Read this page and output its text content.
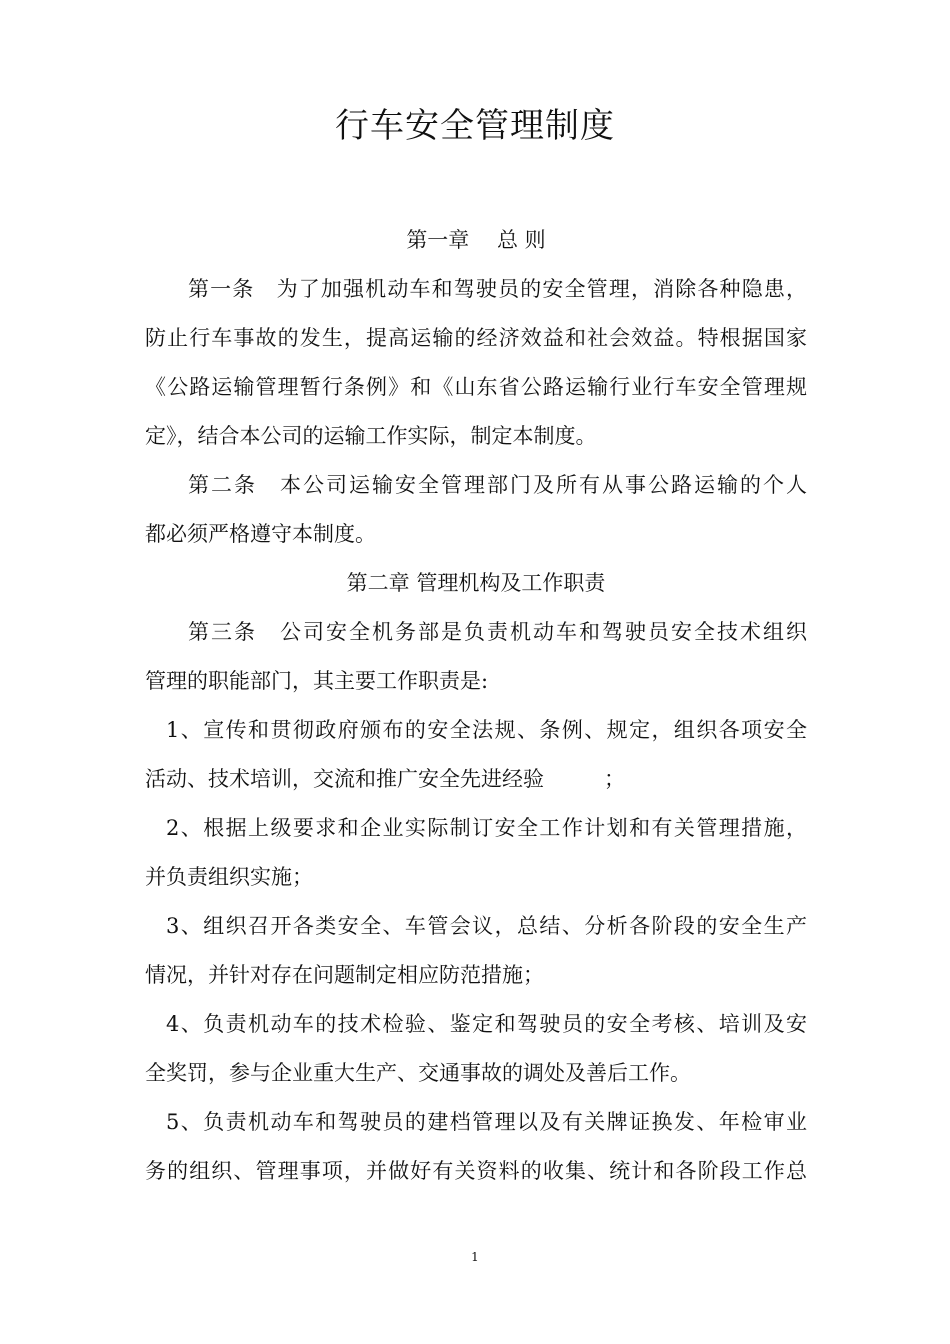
行车安全管理制度
第一章　 总 则
第一条　为了加强机动车和驾驶员的安全管理，消除各种隐患，
防止行车事故的发生，提高运输的经济效益和社会效益。特根据国家
《公路运输管理暂行条例》和《山东省公路运输行业行车安全管理规
定》，结合本公司的运输工作实际，制定本制度。
第二条　本公司运输安全管理部门及所有从事公路运输的个人
都必须严格遵守本制度。
第二章 管理机构及工作职责
第三条　公司安全机务部是负责机动车和驾驶员安全技术组织
管理的职能部门，其主要工作职责是:
1、宣传和贯彻政府颁布的安全法规、条例、规定，组织各项安全
活动、技术培训，交流和推广安全先进经验	；
2、根据上级要求和企业实际制订安全工作计划和有关管理措施，
并负责组织实施；
3、组织召开各类安全、车管会议，总结、分析各阶段的安全生产
情况，并针对存在问题制定相应防范措施；
4、负责机动车的技术检验、鉴定和驾驶员的安全考核、培训及安
全奖罚，参与企业重大生产、交通事故的调处及善后工作。
5、负责机动车和驾驶员的建档管理以及有关牌证换发、年检审业
务的组织、管理事项，并做好有关资料的收集、统计和各阶段工作总
1
